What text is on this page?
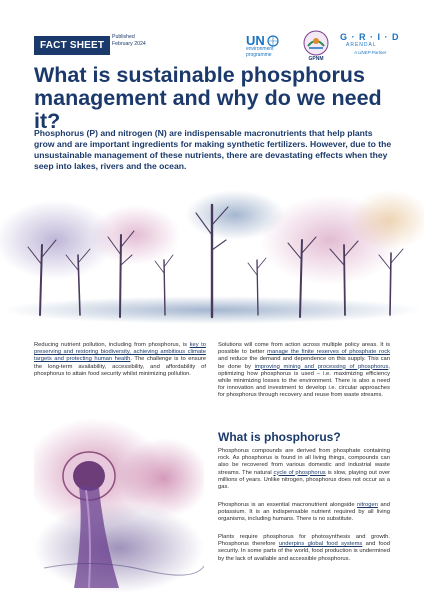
FACT SHEET
Published
February 2024	UN
environment
programme
GPNM
G · R · I · D
ARENDAL
A UNEP Partner
What is sustainable phosphorus management and why do we need it?

Phosphorus (P) and nitrogen (N) are indispensable macronutrients that help plants grow and are important ingredients for making synthetic fertilizers. However, due to the unsustainable management of these nutrients, there are devastating effects when they seep into lakes, rivers and the ocean.

Reducing nutrient pollution, including from phosphorus, is key to preserving and restoring biodiversity, achieving ambitious climate targets and protecting human health. The challenge is to ensure the long-term availability, accessibility, and affordability of phosphorus to attain food security whilst minimizing pollution.
Solutions will come from action across multiple policy areas. It is possible to better manage the finite reserves of phosphate rock and reduce the demand and dependence on this supply. This can be done by improving mining and processing of phosphorus, optimizing how phosphorus is used – i.e. maximizing efficiency while minimizing losses to the environment. There is also a need for innovation and investment to develop i.e. circular approaches for phosphorus through recovery and reuse from waste streams.
What is phosphorus?
Phosphorus compounds are derived from phosphate containing rock. As phosphorus is found in all living things, compounds can also be recovered from various domestic and industrial waste streams. The natural cycle of phosphorus is slow, playing out over millions of years. Unlike nitrogen, phosphorus does not occur as a gas.
Phosphorus is an essential macronutrient alongside nitrogen and potassium. It is an indispensable nutrient required by all living organisms, including humans. There is no substitute.
Plants require phosphorus for photosynthesis and growth. Phosphorus therefore underpins global food systems and food security. In some parts of the world, food production is undermined by the lack of available and accessible phosphorus.
